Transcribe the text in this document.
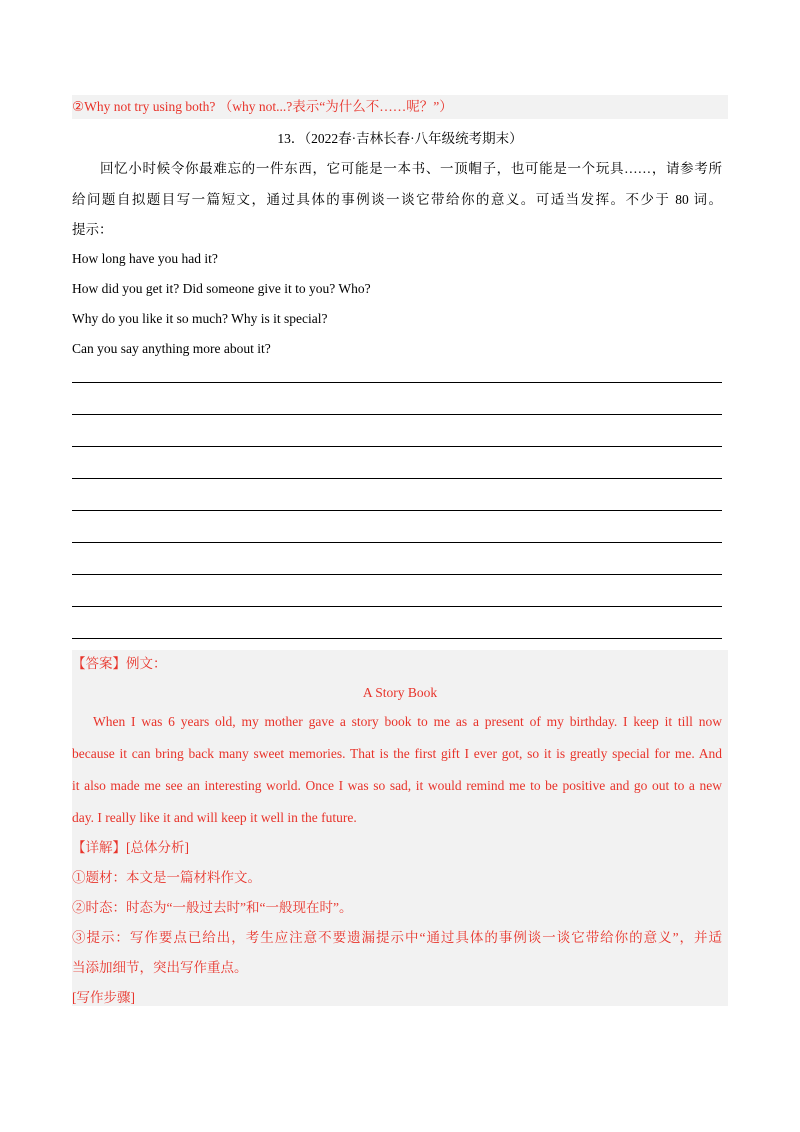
②Why not try using both? （why not...?表示“为什么不……呢？”）
13．（2022春·吉林长春·八年级统考期末）
回忆小时候令你最难忘的一件东西，它可能是一本书、一顶帽子，也可能是一个玩具……，请参考所
给问题自拟题目写一篇短文，通过具体的事例谈一谈它带给你的意义。可适当发挥。不少于 80 词。
提示：
How long have you had it?
How did you get it? Did someone give it to you? Who?
Why do you like it so much? Why is it special?
Can you say anything more about it?
【答案】例文：
A Story Book
When I was 6 years old, my mother gave a story book to me as a present of my birthday. I keep it till now
because it can bring back many sweet memories. That is the first gift I ever got, so it is greatly special for me. And
it also made me see an interesting world. Once I was so sad, it would remind me to be positive and go out to a new
day. I really like it and will keep it well in the future.
【详解】[总体分析]
①题材：本文是一篇材料作文。
②时态：时态为“一般过去时”和“一般现在时”。
③提示：写作要点已给出，考生应注意不要遗漏提示中“通过具体的事例谈一谈它带给你的意义”，并适
当添加细节，突出写作重点。
[写作步骤]
